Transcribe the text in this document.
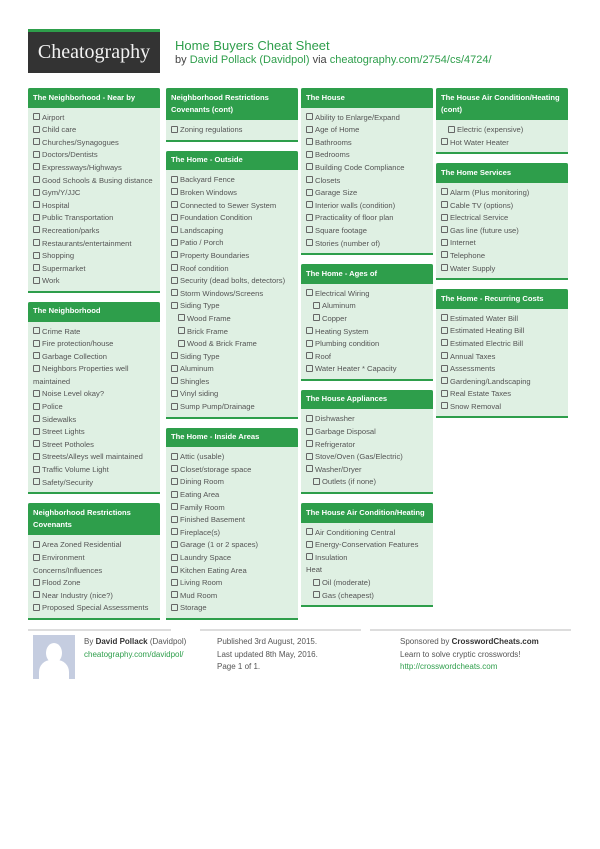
Cheatography	Home Buyers Cheat Sheet
by David Pollack (Davidpol) via cheatography.com/2754/cs/4724/
The Neighborhood - Near by
Airport
Child care
Churches/Synagogues
Doctors/Dentists
Expressways/Highways
Good Schools & Busing distance
Gym/Y/JJC
Hospital
Public Transportation
Recreation/parks
Restaurants/entertainment
Shopping
Supermarket
Work
The Neighborhood
Crime Rate
Fire protection/house
Garbage Collection
Neighbors Properties well maintained
Noise Level okay?
Police
Sidewalks
Street Lights
Street Potholes
Streets/Alleys well maintained
Traffic Volume Light
Safety/Security
Neighborhood Restrictions Covenants
Area Zoned Residential
Environment Concerns/Influences
Flood Zone
Near Industry (nice?)
Proposed Special Assessments
Neighborhood Restrictions Covenants (cont)
Zoning regulations
The Home - Outside
Backyard Fence
Broken Windows
Connected to Sewer System
Foundation Condition
Landscaping
Patio / Porch
Property Boundaries
Roof condition
Security (dead bolts, detectors)
Storm Windows/Screens
Siding Type
Wood Frame
Brick Frame
Wood & Brick Frame
Siding Type
Aluminum
Shingles
Vinyl siding
Sump Pump/Drainage
The Home - Inside Areas
Attic (usable)
Closet/storage space
Dining Room
Eating Area
Family Room
Finished Basement
Fireplace(s)
Garage (1 or 2 spaces)
Laundry Space
Kitchen Eating Area
Living Room
Mud Room
Storage
The House
Ability to Enlarge/Expand
Age of Home
Bathrooms
Bedrooms
Building Code Compliance
Closets
Garage Size
Interior walls (condition)
Practicality of floor plan
Square footage
Stories (number of)
The Home - Ages of
Electrical Wiring
Aluminum
Copper
Heating System
Plumbing condition
Roof
Water Heater * Capacity
The House Appliances
Dishwasher
Garbage Disposal
Refrigerator
Stove/Oven (Gas/Electric)
Washer/Dryer
Outlets (if none)
The House Air Condition/Heating
Air Conditioning Central
Energy-Conservation Features
Insulation
Heat
Oil (moderate)
Gas (cheapest)
The House Air Condition/Heating (cont)
Electric (expensive)
Hot Water Heater
The Home Services
Alarm (Plus monitoring)
Cable TV (options)
Electrical Service
Gas line (future use)
Internet
Telephone
Water Supply
The Home - Recurring Costs
Estimated Water Bill
Estimated Heating Bill
Estimated Electric Bill
Annual Taxes
Assessments
Gardening/Landscaping
Real Estate Taxes
Snow Removal
By David Pollack (Davidpol)
cheatography.com/davidpol/
Published 3rd August, 2015.
Last updated 8th May, 2016.
Page 1 of 1.
Sponsored by CrosswordCheats.com
Learn to solve cryptic crosswords!
http://crosswordcheats.com
